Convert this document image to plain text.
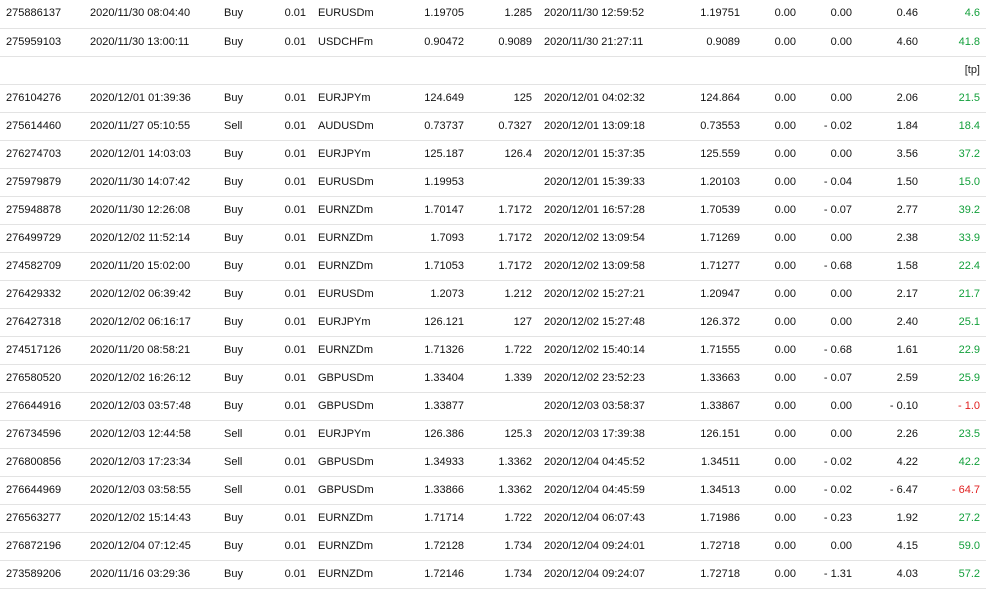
275886137	2020/11/30 08:04:40	Buy	0.01	EURUSDm	1.19705	1.285	2020/11/30 12:59:52	1.19751	0.00	0.00	0.46	4.6
275959103	2020/11/30 13:00:11	Buy	0.01	USDCHFm	0.90472	0.9089	2020/11/30 21:27:11	0.9089	0.00	0.00	4.60	41.8
												[tp]
276104276	2020/12/01 01:39:36	Buy	0.01	EURJPYm	124.649	125	2020/12/01 04:02:32	124.864	0.00	0.00	2.06	21.5
275614460	2020/11/27 05:10:55	Sell	0.01	AUDUSDm	0.73737	0.7327	2020/12/01 13:09:18	0.73553	0.00	- 0.02	1.84	18.4
276274703	2020/12/01 14:03:03	Buy	0.01	EURJPYm	125.187	126.4	2020/12/01 15:37:35	125.559	0.00	0.00	3.56	37.2
275979879	2020/11/30 14:07:42	Buy	0.01	EURUSDm	1.19953		2020/12/01 15:39:33	1.20103	0.00	- 0.04	1.50	15.0
275948878	2020/11/30 12:26:08	Buy	0.01	EURNZDm	1.70147	1.7172	2020/12/01 16:57:28	1.70539	0.00	- 0.07	2.77	39.2
276499729	2020/12/02 11:52:14	Buy	0.01	EURNZDm	1.7093	1.7172	2020/12/02 13:09:54	1.71269	0.00	0.00	2.38	33.9
274582709	2020/11/20 15:02:00	Buy	0.01	EURNZDm	1.71053	1.7172	2020/12/02 13:09:58	1.71277	0.00	- 0.68	1.58	22.4
276429332	2020/12/02 06:39:42	Buy	0.01	EURUSDm	1.2073	1.212	2020/12/02 15:27:21	1.20947	0.00	0.00	2.17	21.7
276427318	2020/12/02 06:16:17	Buy	0.01	EURJPYm	126.121	127	2020/12/02 15:27:48	126.372	0.00	0.00	2.40	25.1
274517126	2020/11/20 08:58:21	Buy	0.01	EURNZDm	1.71326	1.722	2020/12/02 15:40:14	1.71555	0.00	- 0.68	1.61	22.9
276580520	2020/12/02 16:26:12	Buy	0.01	GBPUSDm	1.33404	1.339	2020/12/02 23:52:23	1.33663	0.00	- 0.07	2.59	25.9
276644916	2020/12/03 03:57:48	Buy	0.01	GBPUSDm	1.33877		2020/12/03 03:58:37	1.33867	0.00	0.00	- 0.10	- 1.0
276734596	2020/12/03 12:44:58	Sell	0.01	EURJPYm	126.386	125.3	2020/12/03 17:39:38	126.151	0.00	0.00	2.26	23.5
276800856	2020/12/03 17:23:34	Sell	0.01	GBPUSDm	1.34933	1.3362	2020/12/04 04:45:52	1.34511	0.00	- 0.02	4.22	42.2
276644969	2020/12/03 03:58:55	Sell	0.01	GBPUSDm	1.33866	1.3362	2020/12/04 04:45:59	1.34513	0.00	- 0.02	- 6.47	- 64.7
276563277	2020/12/02 15:14:43	Buy	0.01	EURNZDm	1.71714	1.722	2020/12/04 06:07:43	1.71986	0.00	- 0.23	1.92	27.2
276872196	2020/12/04 07:12:45	Buy	0.01	EURNZDm	1.72128	1.734	2020/12/04 09:24:01	1.72718	0.00	0.00	4.15	59.0
273589206	2020/11/16 03:29:36	Buy	0.01	EURNZDm	1.72146	1.734	2020/12/04 09:24:07	1.72718	0.00	- 1.31	4.03	57.2
